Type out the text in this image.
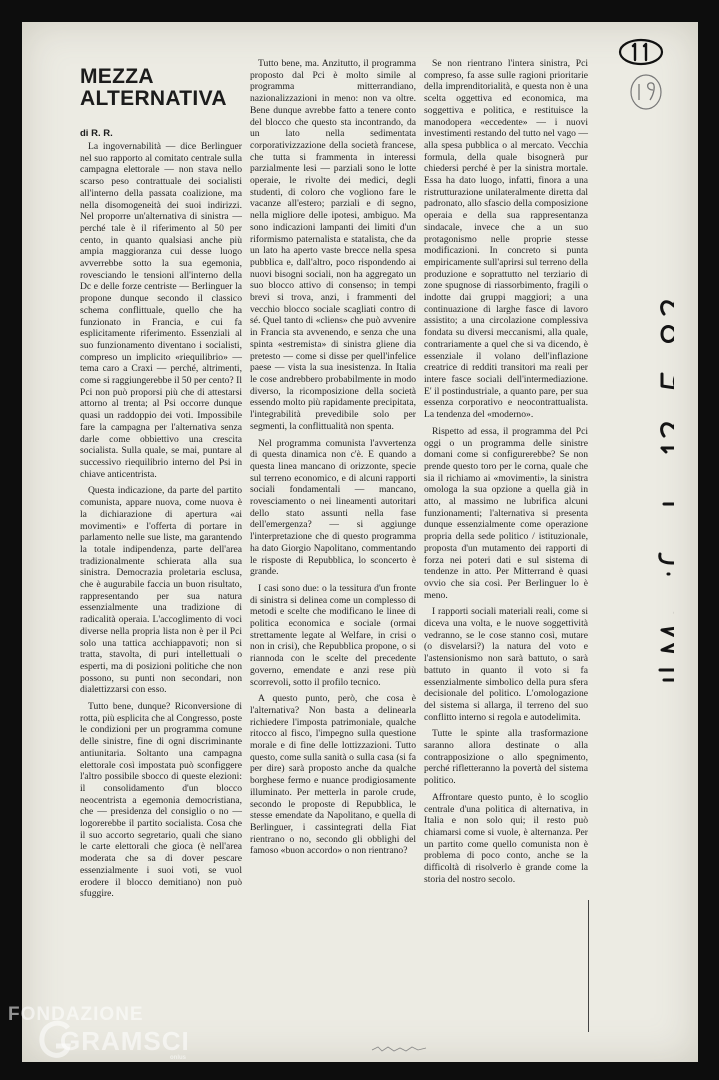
MEZZA
ALTERNATIVA
di R. R.

La ingovernabilità — dice Berlinguer nel suo rapporto al comitato centrale sulla campagna elettorale — non stava nello scarso peso contrattuale dei socialisti all'interno della passata coalizione, ma nella disomogeneità dei suoi indirizzi. Nel proporre un'alternativa di sinistra — perché tale è il riferimento al 50 per cento, in quanto qualsiasi anche più ampia maggioranza cui desse luogo avverrebbe sotto la sua egemonia, rovesciando le tensioni all'interno della Dc e delle forze centriste — Berlinguer la propone dunque secondo il classico schema conflittuale, quello che ha funzionato in Francia, e cui fa esplicitamente riferimento. Essenziali al suo funzionamento diventano i socialisti, compreso un implicito «riequilibrio» — tema caro a Craxi — perché, altrimenti, come si raggiungerebbe il 50 per cento? Il Pci non può proporsi più che di attestarsi attorno al trenta; al Psi occorre dunque quasi un raddoppio dei voti. Impossibile fare la campagna per l'alternativa senza darle come obbiettivo una crescita socialista. Sulla quale, se mai, puntare al successivo riequilibrio interno del Psi in chiave anticentrista.

Questa indicazione, da parte del partito comunista, appare nuova, come nuova è la dichiarazione di apertura «ai movimenti» e l'offerta di portare in parlamento nelle sue liste, ma garantendo la totale indipendenza, parte dell'area tradizionalmente schierata alla sua sinistra. Democrazia proletaria esclusa, che è augurabile faccia un buon risultato, rappresentando per sua natura essenzialmente una tradizione di radicalità operaia. L'accoglimento di voci diverse nella propria lista non è per il Pci solo una tattica acchiappavoti; non si tratta, stavolta, di puri intellettuali o esperti, ma di posizioni politiche che non possono, su punti non secondari, non dialettizzarsi con esso.

Tutto bene, dunque? Riconversione di rotta, più esplicita che al Congresso, poste le condizioni per un programma comune delle sinistre, fine di ogni discriminante antiunitaria. Soltanto una campagna elettorale così impostata può sconfiggere l'altro possibile sbocco di queste elezioni: il consolidamento d'un blocco neocentrista a egemonia democristiana, che — presidenza del consiglio o no — logorerebbe il partito socialista. Cosa che il suo accorto segretario, quali che siano le carte elettorali che gioca (è nell'area moderata che sa di dover pescare essenzialmente i suoi voti, se vuol erodere il blocco demitiano) non può sfuggire.

Tutto bene, ma. Anzitutto, il programma proposto dal Pci è molto simile al programma mitterrandiano, nazionalizzazioni in meno: non va oltre. Bene dunque avrebbe fatto a tenere conto del blocco che questo sta incontrando, da un lato nella sedimentata corporativizzazione della società francese, che tutta si frammenta in interessi parzialmente lesi — parziali sono le lotte operaie, le rivolte dei medici, degli studenti, di coloro che vogliono fare le vacanze all'estero; parziali e di segno, nella migliore delle ipotesi, ambiguo. Ma sono indicazioni lampanti dei limiti d'un riformismo paternalista e statalista, che da un lato ha aperto vaste brecce nella spesa pubblica e, dall'altro, poco rispondendo ai nuovi bisogni sociali, non ha aggregato un suo blocco attivo di consenso; in tempi brevi si trova, anzi, i frammenti del vecchio blocco sociale scagliati contro di sé. Quel tanto di «cliens» che può avvenire in Francia sta avvenendo, e senza che una spinta «estremista» di sinistra gliene dia pretesto — come si disse per quell'infelice paese — vista la sua inesistenza. In Italia le cose andrebbero probabilmente in modo diverso, la ricomposizione della società essendo molto più rapidamente precipitata, l'integrabilità prevedibile solo per segmenti, la conflittualità non spenta.

Nel programma comunista l'avvertenza di questa dinamica non c'è. E quando a questa linea mancano di orizzonte, specie sul terreno economico, e di alcuni rapporti sociali fondamentali — mancano, rovesciamento o nei lineamenti autoritari dello stato assunti nella fase dell'emergenza? — si aggiunge l'interpretazione che di questo programma ha dato Giorgio Napolitano, commentando le risposte di Repubblica, lo sconcerto è grande.

I casi sono due: o la tessitura d'un fronte di sinistra si delinea come un complesso di metodi e scelte che modificano le linee di politica economica e sociale (ormai strettamente legate al Welfare, in crisi o non in crisi), che Repubblica propone, o si riannoda con le scelte del precedente governo, emendate e anzi rese più scorrevoli, sotto il profilo tecnico.

A questo punto, però, che cosa è l'alternativa? Non basta a delinearla richiedere l'imposta patrimoniale, qualche ritocco al fisco, l'impegno sulla questione morale e di fine delle lottizzazioni. Tutto questo, come sulla sanità o sulla casa (si fa per dire) sarà proposto anche da qualche borghese fermo e nuance prodigiosamente illuminato. Per metterla in parole crude, secondo le proposte di Repubblica, le stesse emendate da Napolitano, e quella di Berlinguer, i cassintegrati della Fiat rientrano o no, secondo gli obblighi del famoso «buon accordo» o non rientrano?

Se non rientrano l'intera sinistra, Pci compreso, fa asse sulle ragioni prioritarie della imprenditorialità, e questa non è una scelta oggettiva ed economica, ma soggettiva e politica, e restituisce la manodopera «eccedente» — i nuovi investimenti restando del tutto nel vago — alla spesa pubblica o al mercato. Vecchia formula, della quale bisognerà pur chiedersi perché è per la sinistra mortale. Essa ha dato luogo, infatti, finora a una ristrutturazione unilateralmente diretta dal padronato, allo sfascio della composizione operaia e della sua rappresentanza sindacale, invece che a un suo protagonismo nelle proprie stesse modificazioni. In concreto si punta empiricamente sull'aprirsi sul terreno della produzione e soprattutto nel terziario di zone spugnose di riassorbimento, fragili o indotte dai gruppi maggiori; a una continuazione di larghe fasce di lavoro assistito; a una circolazione complessiva fondata su diversi meccanismi, alla quale, contrariamente a quel che si va dicendo, è essenziale il volano dell'inflazione creatrice di redditi transitori ma reali per intere fasce sociali dell'intermediazione. E' il postindustriale, a quanto pare, per sua essenza corporativo e neocontrattualista. La tendenza del «moderno».

Rispetto ad essa, il programma del Pci oggi o un programma delle sinistre domani come si configurerebbe? Se non prende questo toro per le corna, quale che sia il richiamo ai «movimenti», la sinistra omologa la sua opzione a quella già in atto, al massimo ne lubrifica alcuni funzionamenti; l'alternativa si presenta dunque essenzialmente come operazione propria della sede politico / istituzionale, proposta d'un mutamento dei rapporti di forza nei poteri dati e sul sistema di tendenze in atto. Per Mitterrand è quasi ovvio che sia così. Per Berlinguer lo è meno.

I rapporti sociali materiali reali, come si diceva una volta, e le nuove soggettività vedranno, se le cose stanno così, mutare (o disvelarsi?) la natura del voto e l'astensionismo non sarà battuto, o sarà battuto in quanto il voto si fa essenzialmente simbolico della pura sfera decisionale del politico. L'omologazione del sistema si allarga, il terreno del suo conflitto interno si regola e autodelimita.

Tutte le spinte alla trasformazione saranno allora destinate o alla contrapposizione o allo spegnimento, perché rifletteranno la povertà del sistema politico.

Affrontare questo punto, è lo scoglio centrale d'una politica di alternativa, in Italia e non solo qui; il resto può chiamarsi come si vuole, è alternanza. Per un partito come quello comunista non è problema di poco conto, anche se la difficoltà di risolverlo è grande come la storia del nostro secolo.

FONDAZIONE
GRAMSCI
onlus
